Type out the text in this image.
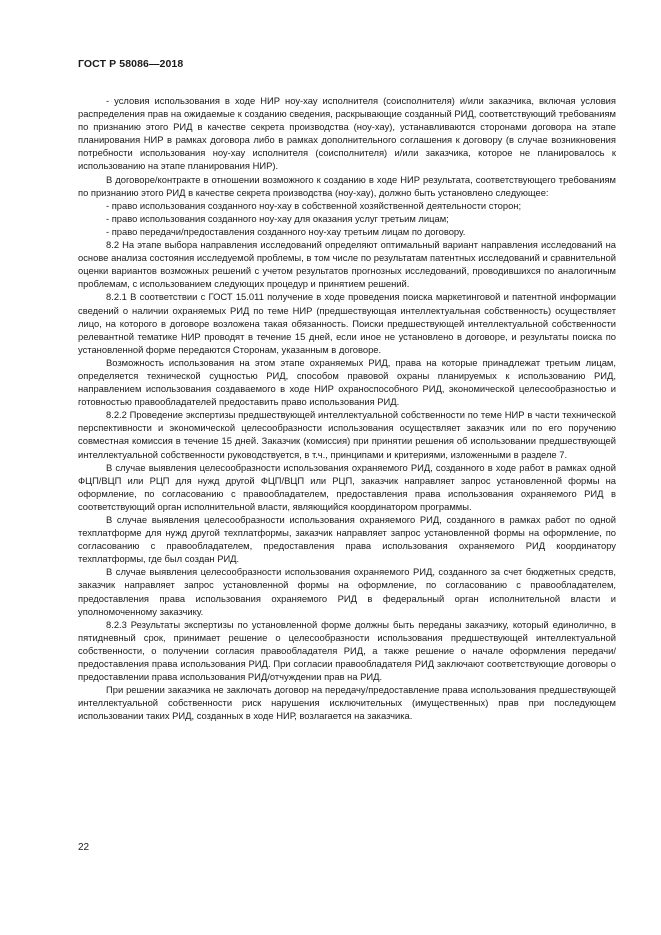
ГОСТ Р 58086—2018

- условия использования в ходе НИР ноу-хау исполнителя (соисполнителя) и/или заказчика, включая условия распределения прав на ожидаемые к созданию сведения, раскрывающие созданный РИД, соответствующий требованиям по признанию этого РИД в качестве секрета производства (ноу-хау), устанавливаются сторонами договора на этапе планирования НИР в рамках договора либо в рамках дополнительного соглашения к договору (в случае возникновения потребности использования ноу-хау исполнителя (соисполнителя) и/или заказчика, которое не планировалось к использованию на этапе планирования НИР).

В договоре/контракте в отношении возможного к созданию в ходе НИР результата, соответствующего требованиям по признанию этого РИД в качестве секрета производства (ноу-хау), должно быть установлено следующее:

- право использования созданного ноу-хау в собственной хозяйственной деятельности сторон;

- право использования созданного ноу-хау для оказания услуг третьим лицам;

- право передачи/предоставления созданного ноу-хау третьим лицам по договору.

8.2 На этапе выбора направления исследований определяют оптимальный вариант направления исследований на основе анализа состояния исследуемой проблемы, в том числе по результатам патентных исследований и сравнительной оценки вариантов возможных решений с учетом результатов прогнозных исследований, проводившихся по аналогичным проблемам, с использованием следующих процедур и принятием решений.

8.2.1 В соответствии с ГОСТ 15.011 получение в ходе проведения поиска маркетинговой и патентной информации сведений о наличии охраняемых РИД по теме НИР (предшествующая интеллектуальная собственность) осуществляет лицо, на которого в договоре возложена такая обязанность. Поиски предшествующей интеллектуальной собственности релевантной тематике НИР проводят в течение 15 дней, если иное не установлено в договоре, и результаты поиска по установленной форме передаются Сторонам, указанным в договоре.

Возможность использования на этом этапе охраняемых РИД, права на которые принадлежат третьим лицам, определяется технической сущностью РИД, способом правовой охраны планируемых к использованию РИД, направлением использования создаваемого в ходе НИР охраноспособного РИД, экономической целесообразностью и готовностью правообладателей предоставить право использования РИД.

8.2.2 Проведение экспертизы предшествующей интеллектуальной собственности по теме НИР в части технической перспективности и экономической целесообразности использования осуществляет заказчик или по его поручению совместная комиссия в течение 15 дней. Заказчик (комиссия) при принятии решения об использовании предшествующей интеллектуальной собственности руководствуется, в т.ч., принципами и критериями, изложенными в разделе 7.

В случае выявления целесообразности использования охраняемого РИД, созданного в ходе работ в рамках одной ФЦП/ВЦП или РЦП для нужд другой ФЦП/ВЦП или РЦП, заказчик направляет запрос установленной формы на оформление, по согласованию с правообладателем, предоставления права использования охраняемого РИД в соответствующий орган исполнительной власти, являющийся координатором программы.

В случае выявления целесообразности использования охраняемого РИД, созданного в рамках работ по одной техплатформе для нужд другой техплатформы, заказчик направляет запрос установленной формы на оформление, по согласованию с правообладателем, предоставления права использования охраняемого РИД координатору техплатформы, где был создан РИД.

В случае выявления целесообразности использования охраняемого РИД, созданного за счет бюджетных средств, заказчик направляет запрос установленной формы на оформление, по согласованию с правообладателем, предоставления права использования охраняемого РИД в федеральный орган исполнительной власти и уполномоченному заказчику.

8.2.3 Результаты экспертизы по установленной форме должны быть переданы заказчику, который единолично, в пятидневный срок, принимает решение о целесообразности использования предшествующей интеллектуальной собственности, о получении согласия правообладателя РИД, а также решение о начале оформления передачи/предоставления права использования РИД. При согласии правообладателя РИД заключают соответствующие договоры о предоставлении права использования РИД/отчуждении прав на РИД.

При решении заказчика не заключать договор на передачу/предоставление права использования предшествующей интеллектуальной собственности риск нарушения исключительных (имущественных) прав при последующем использовании таких РИД, созданных в ходе НИР, возлагается на заказчика.

22
